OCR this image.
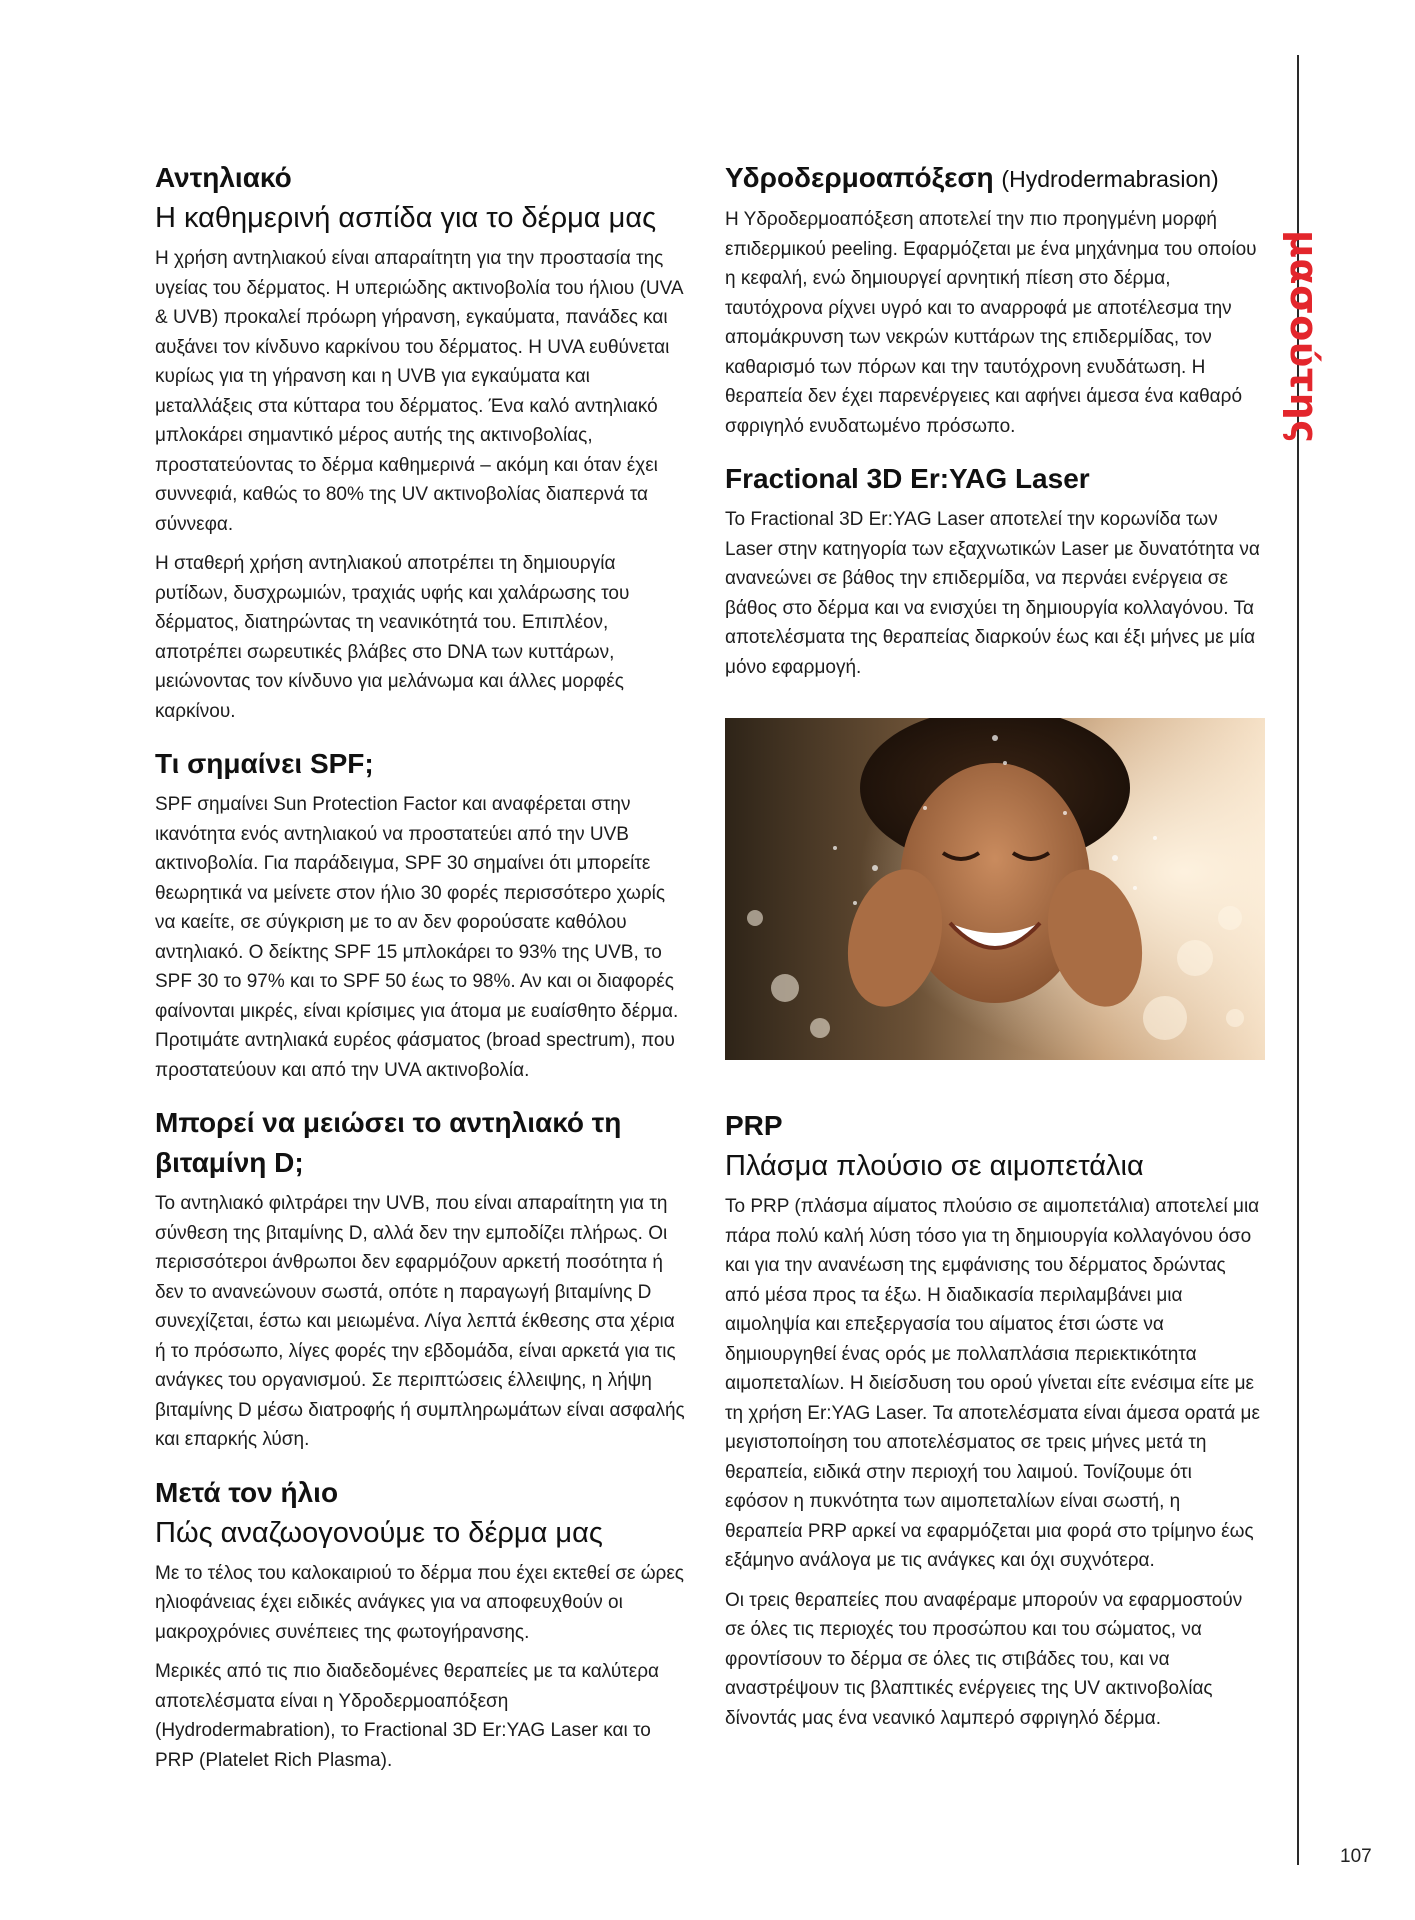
μασούτης
Αντηλιακό
Η καθημερινή ασπίδα για το δέρμα μας

Η χρήση αντηλιακού είναι απαραίτητη για την προστασία της υγείας του δέρματος. Η υπεριώδης ακτινοβολία του ήλιου (UVA & UVB) προκαλεί πρόωρη γήρανση, εγκαύματα, πανάδες και αυξάνει τον κίνδυνο καρκίνου του δέρματος. Η UVA ευθύνεται κυρίως για τη γήρανση και η UVB για εγκαύματα και μεταλλάξεις στα κύτταρα του δέρματος. Ένα καλό αντηλιακό μπλοκάρει σημαντικό μέρος αυτής της ακτινοβολίας, προστατεύοντας το δέρμα καθημερινά – ακόμη και όταν έχει συννεφιά, καθώς το 80% της UV ακτινοβολίας διαπερνά τα σύννεφα.

Η σταθερή χρήση αντηλιακού αποτρέπει τη δημιουργία ρυτίδων, δυσχρωμιών, τραχιάς υφής και χαλάρωσης του δέρματος, διατηρώντας τη νεανικότητά του. Επιπλέον, αποτρέπει σωρευτικές βλάβες στο DNA των κυττάρων, μειώνοντας τον κίνδυνο για μελάνωμα και άλλες μορφές καρκίνου.

Τι σημαίνει SPF;

SPF σημαίνει Sun Protection Factor και αναφέρεται στην ικανότητα ενός αντηλιακού να προστατεύει από την UVB ακτινοβολία. Για παράδειγμα, SPF 30 σημαίνει ότι μπορείτε θεωρητικά να μείνετε στον ήλιο 30 φορές περισσότερο χωρίς να καείτε, σε σύγκριση με το αν δεν φορούσατε καθόλου αντηλιακό. Ο δείκτης SPF 15 μπλοκάρει το 93% της UVB, το SPF 30 το 97% και το SPF 50 έως το 98%. Αν και οι διαφορές φαίνονται μικρές, είναι κρίσιμες για άτομα με ευαίσθητο δέρμα. Προτιμάτε αντηλιακά ευρέος φάσματος (broad spectrum), που προστατεύουν και από την UVA ακτινοβολία.

Μπορεί να μειώσει το αντηλιακό τη βιταμίνη D;

Το αντηλιακό φιλτράρει την UVB, που είναι απαραίτητη για τη σύνθεση της βιταμίνης D, αλλά δεν την εμποδίζει πλήρως. Οι περισσότεροι άνθρωποι δεν εφαρμόζουν αρκετή ποσότητα ή δεν το ανανεώνουν σωστά, οπότε η παραγωγή βιταμίνης D συνεχίζεται, έστω και μειωμένα. Λίγα λεπτά έκθεσης στα χέρια ή το πρόσωπο, λίγες φορές την εβδομάδα, είναι αρκετά για τις ανάγκες του οργανισμού. Σε περιπτώσεις έλλειψης, η λήψη βιταμίνης D μέσω διατροφής ή συμπληρωμάτων είναι ασφαλής και επαρκής λύση.

Μετά τον ήλιο
Πώς αναζωογονούμε το δέρμα μας

Με το τέλος του καλοκαιριού το δέρμα που έχει εκτεθεί σε ώρες ηλιοφάνειας έχει ειδικές ανάγκες για να αποφευχθούν οι μακροχρόνιες συνέπειες της φωτογήρανσης.

Μερικές από τις πιο διαδεδομένες θεραπείες με τα καλύτερα αποτελέσματα είναι η Υδροδερμοαπόξεση (Hydrodermabration), το Fractional 3D Er:YAG Laser και το PRP (Platelet Rich Plasma).

Υδροδερμοαπόξεση (Hydrodermabrasion)

Η Υδροδερμοαπόξεση αποτελεί την πιο προηγμένη μορφή επιδερμικού peeling. Εφαρμόζεται με ένα μηχάνημα του οποίου η κεφαλή, ενώ δημιουργεί αρνητική πίεση στο δέρμα, ταυτόχρονα ρίχνει υγρό και το αναρροφά με αποτέλεσμα την απομάκρυνση των νεκρών κυττάρων της επιδερμίδας, τον καθαρισμό των πόρων και την ταυτόχρονη ενυδάτωση. Η θεραπεία δεν έχει παρενέργειες και αφήνει άμεσα ένα καθαρό σφριγηλό ενυδατωμένο πρόσωπο.

Fractional 3D Er:YAG Laser

Το Fractional 3D Er:YAG Laser αποτελεί την κορωνίδα των Laser στην κατηγορία των εξαχνωτικών Laser με δυνατότητα να ανανεώνει σε βάθος την επιδερμίδα, να περνάει ενέργεια σε βάθος στο δέρμα και να ενισχύει τη δημιουργία κολλαγόνου. Τα αποτελέσματα της θεραπείας διαρκούν έως και έξι μήνες με μία μόνο εφαρμογή.

PRP
Πλάσμα πλούσιο σε αιμοπετάλια

Το PRP (πλάσμα αίματος πλούσιο σε αιμοπετάλια) αποτελεί μια πάρα πολύ καλή λύση τόσο για τη δημιουργία κολλαγόνου όσο και για την ανανέωση της εμφάνισης του δέρματος δρώντας από μέσα προς τα έξω. Η διαδικασία περιλαμβάνει μια αιμοληψία και επεξεργασία του αίματος έτσι ώστε να δημιουργηθεί ένας ορός με πολλαπλάσια περιεκτικότητα αιμοπεταλίων. Η διείσδυση του ορού γίνεται είτε ενέσιμα είτε με τη χρήση Er:YAG Laser. Τα αποτελέσματα είναι άμεσα ορατά με μεγιστοποίηση του αποτελέσματος σε τρεις μήνες μετά τη θεραπεία, ειδικά στην περιοχή του λαιμού. Τονίζουμε ότι εφόσον η πυκνότητα των αιμοπεταλίων είναι σωστή, η θεραπεία PRP αρκεί να εφαρμόζεται μια φορά στο τρίμηνο έως εξάμηνο ανάλογα με τις ανάγκες και όχι συχνότερα.

Οι τρεις θεραπείες που αναφέραμε μπορούν να εφαρμοστούν σε όλες τις περιοχές του προσώπου και του σώματος, να φροντίσουν το δέρμα σε όλες τις στιβάδες του, και να αναστρέψουν τις βλαπτικές ενέργειες της UV ακτινοβολίας δίνοντάς μας ένα νεανικό λαμπερό σφριγηλό δέρμα.

107
